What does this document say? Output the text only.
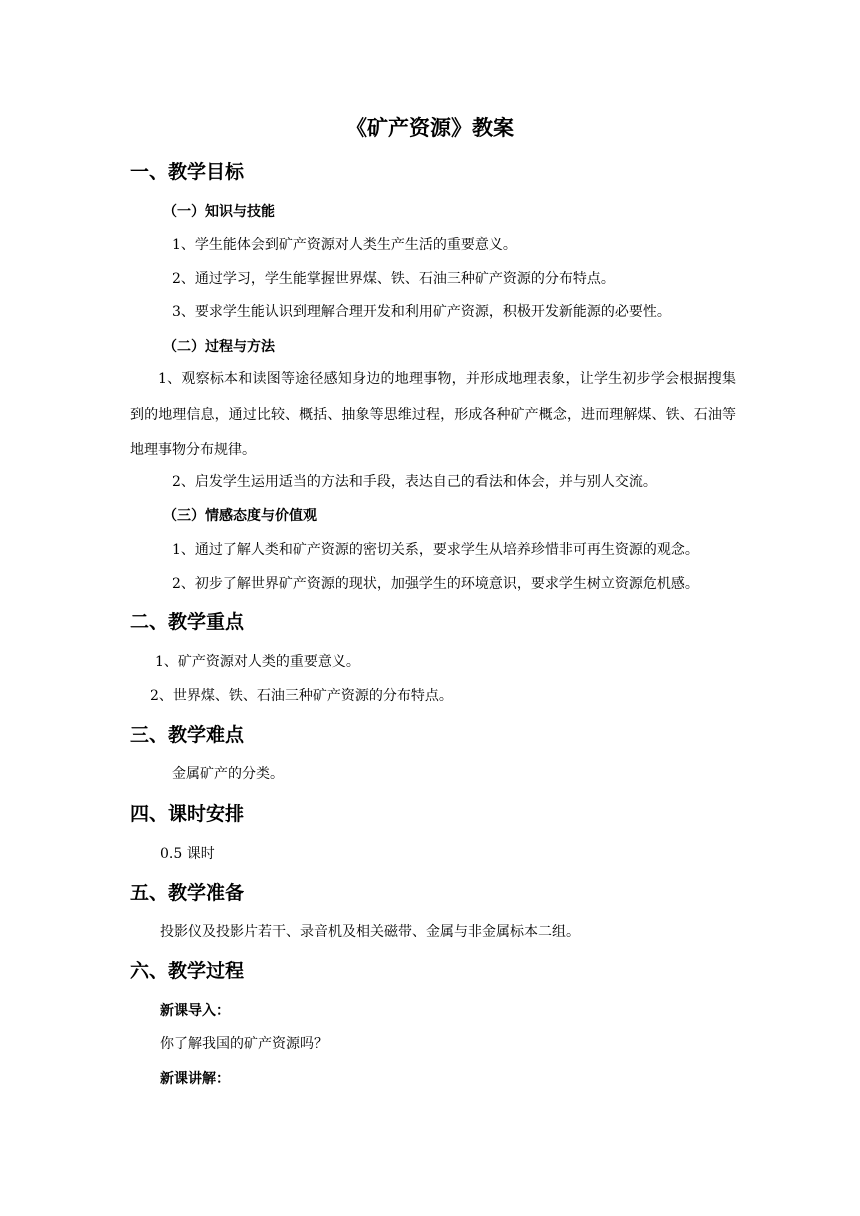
《矿产资源》教案
一、教学目标
（一）知识与技能
1、学生能体会到矿产资源对人类生产生活的重要意义。
2、通过学习，学生能掌握世界煤、铁、石油三种矿产资源的分布特点。
3、要求学生能认识到理解合理开发和利用矿产资源，积极开发新能源的必要性。
（二）过程与方法
1、观察标本和读图等途径感知身边的地理事物，并形成地理表象，让学生初步学会根据搜集到的地理信息，通过比较、概括、抽象等思维过程，形成各种矿产概念，进而理解煤、铁、石油等地理事物分布规律。
2、启发学生运用适当的方法和手段，表达自己的看法和体会，并与别人交流。
（三）情感态度与价值观
1、通过了解人类和矿产资源的密切关系，要求学生从培养珍惜非可再生资源的观念。
2、初步了解世界矿产资源的现状，加强学生的环境意识，要求学生树立资源危机感。
二、教学重点
1、矿产资源对人类的重要意义。
2、世界煤、铁、石油三种矿产资源的分布特点。
三、教学难点
金属矿产的分类。
四、课时安排
0.5 课时
五、教学准备
投影仪及投影片若干、录音机及相关磁带、金属与非金属标本二组。
六、教学过程
新课导入：
你了解我国的矿产资源吗？
新课讲解：
